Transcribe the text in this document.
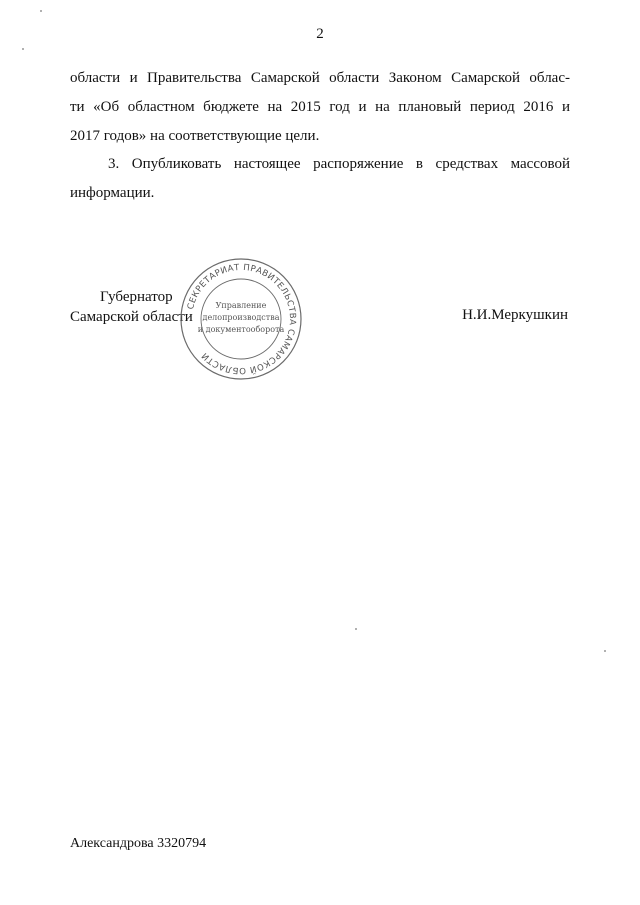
2
области и Правительства Самарской области Законом Самарской облас-
ти «Об областном бюджете на 2015 год и на плановый период 2016 и
2017 годов» на соответствующие цели.
3. Опубликовать настоящее распоряжение в средствах массовой
информации.
Губернатор
Самарской области	Н.И.Меркушкин
СЕКРЕТАРИАТ ПРАВИТЕЛЬСТВА САМАРСКОЙ ОБЛАСТИ
Управление
делопроизводства
и документооборота
Александрова 3320794
